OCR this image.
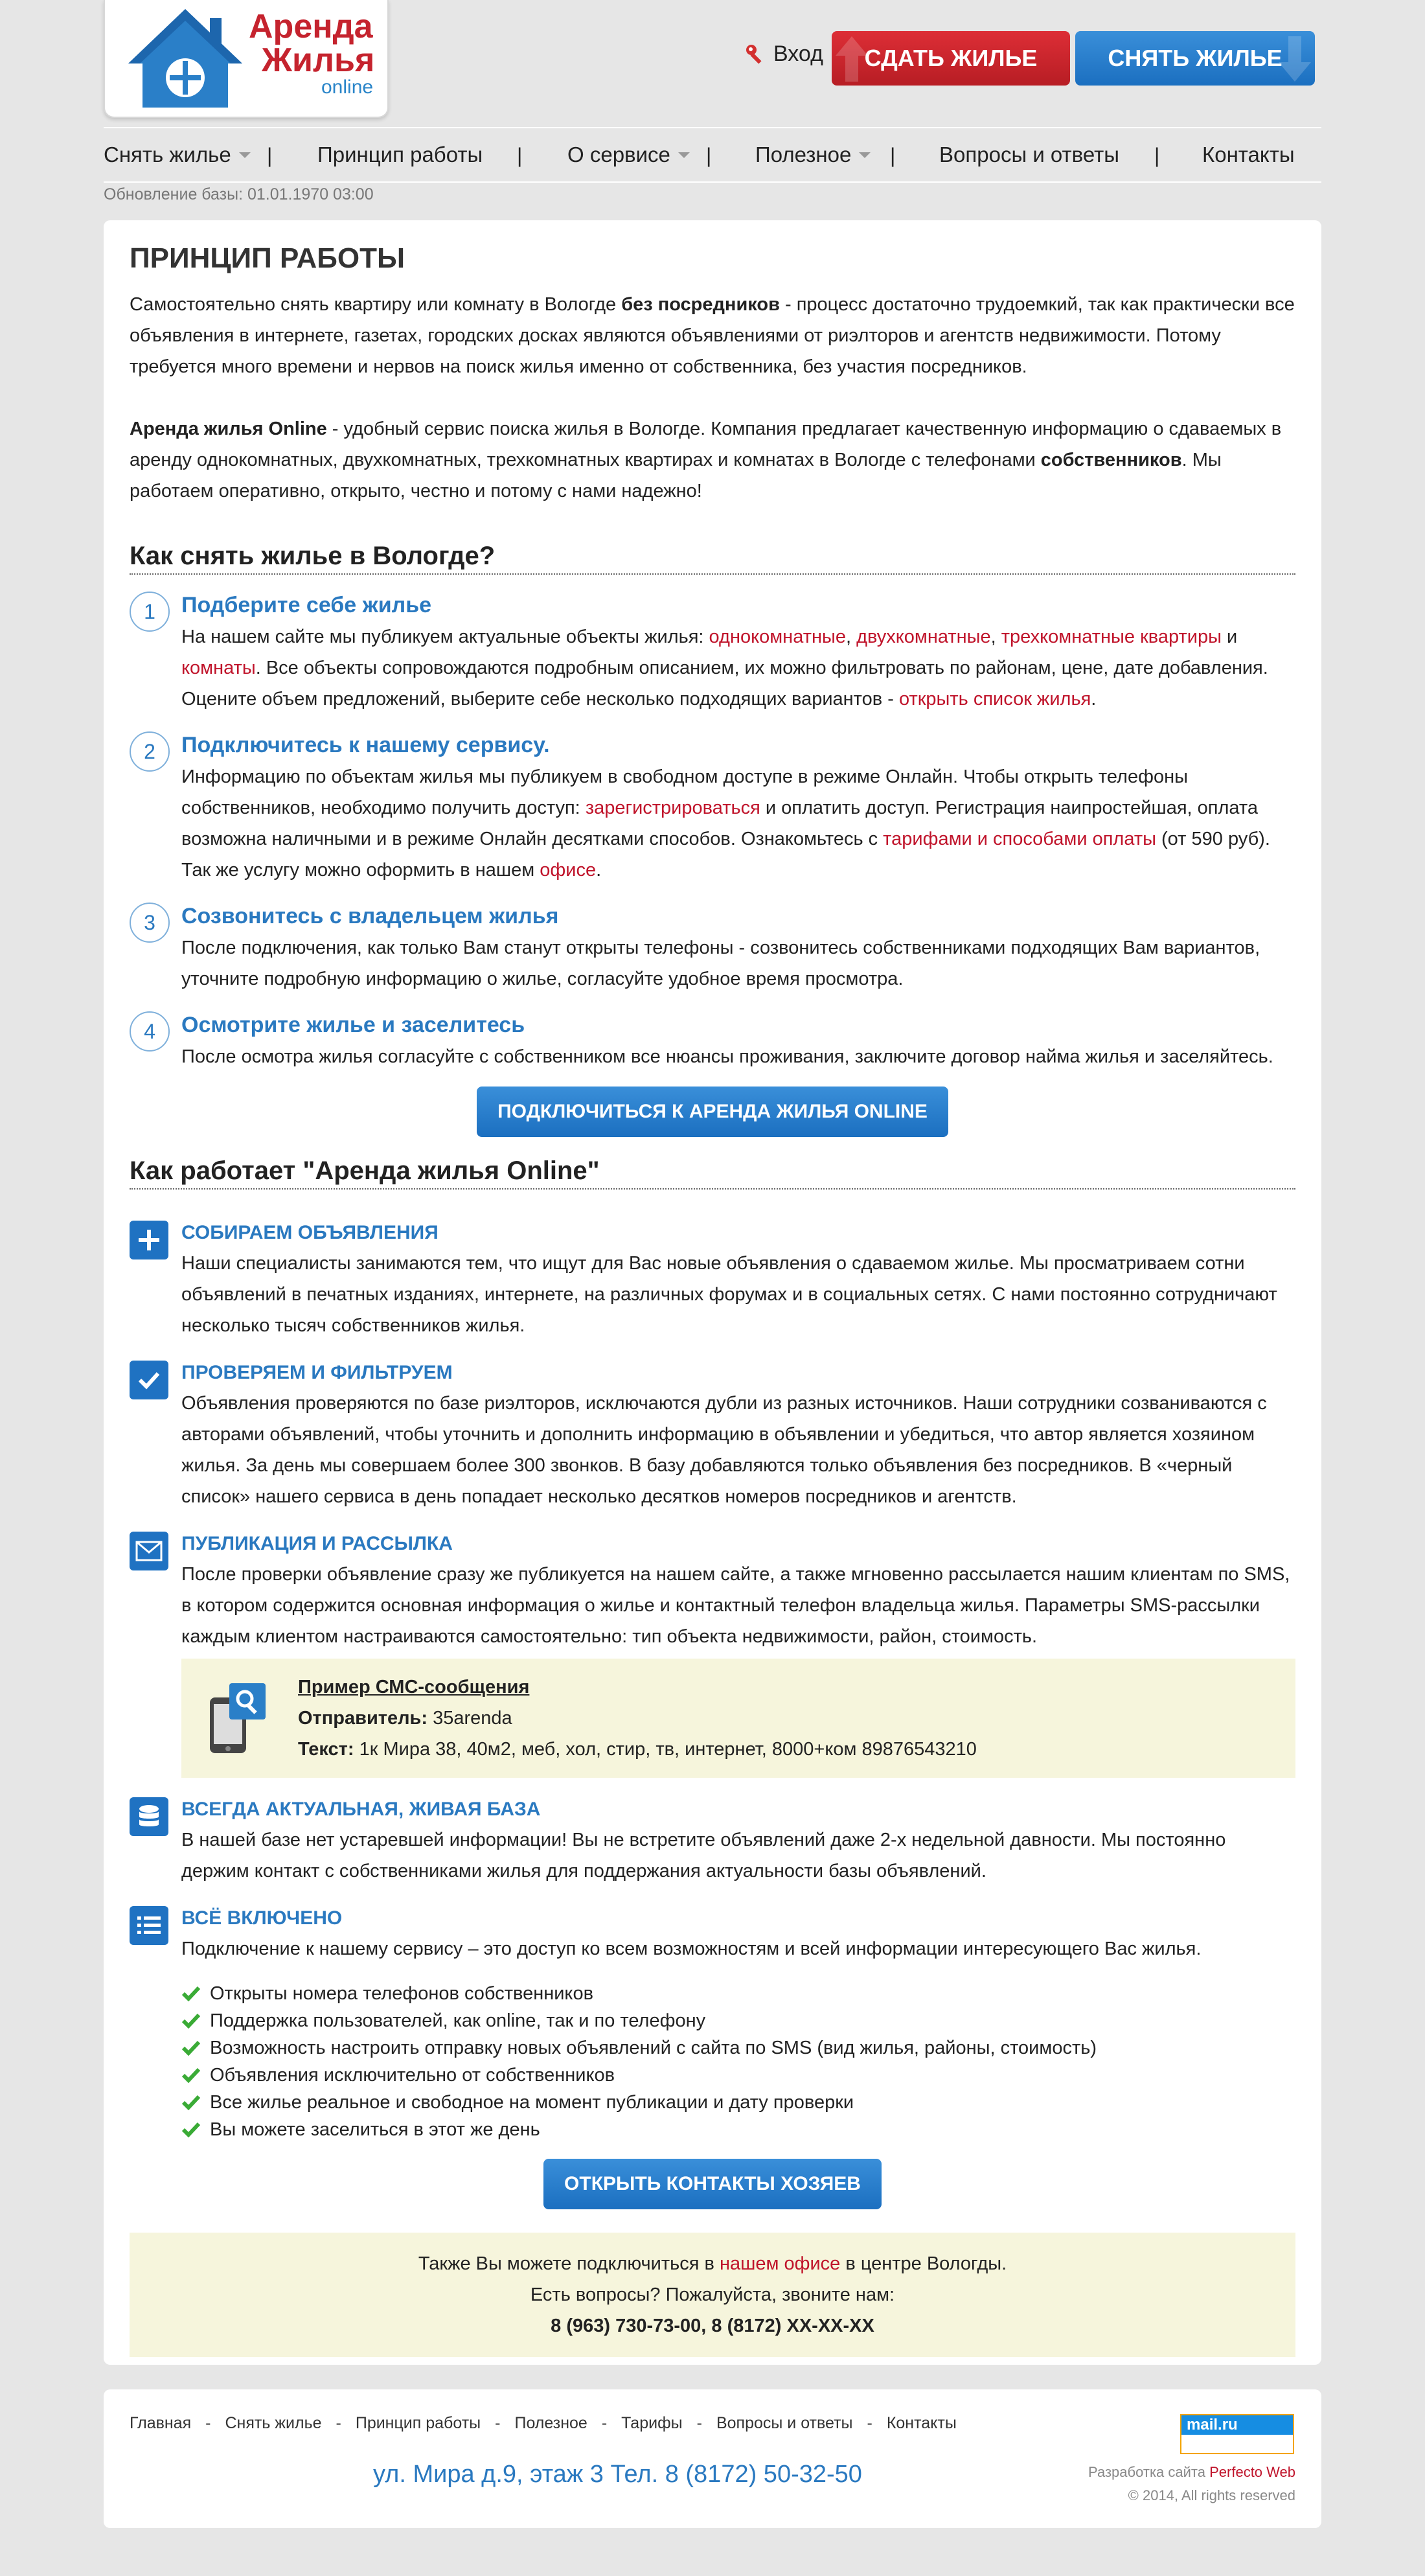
Аренда
Жилья
online
Вход СДАТЬ ЖИЛЬЕ	СНЯТЬ ЖИЛЬЕ
Снять жилье | Принцип работы | О сервисе | Полезное | Вопросы и ответы | Контакты
Обновление базы: 01.01.1970 03:00
ПРИНЦИП РАБОТЫ

Самостоятельно снять квартиру или комнату в Вологде без посредников - процесс достаточно трудоемкий, так как практически все объявления в интернете, газетах, городских досках являются объявлениями от риэлторов и агентств недвижимости. Потому требуется много времени и нервов на поиск жилья именно от собственника, без участия посредников.

Аренда жилья Online - удобный сервис поиска жилья в Вологде. Компания предлагает качественную информацию о сдаваемых в аренду однокомнатных, двухкомнатных, трехкомнатных квартирах и комнатах в Вологде с телефонами собственников. Мы работаем оперативно, открыто, честно и потому с нами надежно!

Как снять жилье в Вологде?
1	Подберите себе жилье
На нашем сайте мы публикуем актуальные объекты жилья: однокомнатные, двухкомнатные, трехкомнатные квартиры и комнаты. Все объекты сопровождаются подробным описанием, их можно фильтровать по районам, цене, дате добавления. Оцените объем предложений, выберите себе несколько подходящих вариантов - открыть список жилья.
2	Подключитесь к нашему сервису.
Информацию по объектам жилья мы публикуем в свободном доступе в режиме Онлайн. Чтобы открыть телефоны собственников, необходимо получить доступ: зарегистрироваться и оплатить доступ. Регистрация наипростейшая, оплата возможна наличными и в режиме Онлайн десятками способов. Ознакомьтесь с тарифами и способами оплаты (от 590 руб). Так же услугу можно оформить в нашем офисе.
3	Созвонитесь с владельцем жилья
После подключения, как только Вам станут открыты телефоны - созвонитесь собственниками подходящих Вам вариантов, уточните подробную информацию о жилье, согласуйте удобное время просмотра.
4	Осмотрите жилье и заселитесь
После осмотра жилья согласуйте с собственником все нюансы проживания, заключите договор найма жилья и заселяйтесь.
ПОДКЛЮЧИТЬСЯ К АРЕНДА ЖИЛЬЯ ONLINE
Как работает "Аренда жилья Online"
СОБИРАЕМ ОБЪЯВЛЕНИЯ
Наши специалисты занимаются тем, что ищут для Вас новые объявления о сдаваемом жилье. Мы просматриваем сотни объявлений в печатных изданиях, интернете, на различных форумах и в социальных сетях. С нами постоянно сотрудничают несколько тысяч собственников жилья.
ПРОВЕРЯЕМ И ФИЛЬТРУЕМ
Объявления проверяются по базе риэлторов, исключаются дубли из разных источников. Наши сотрудники созваниваются с авторами объявлений, чтобы уточнить и дополнить информацию в объявлении и убедиться, что автор является хозяином жилья. За день мы совершаем более 300 звонков. В базу добавляются только объявления без посредников. В «черный список» нашего сервиса в день попадает несколько десятков номеров посредников и агентств.
ПУБЛИКАЦИЯ И РАССЫЛКА
После проверки объявление сразу же публикуется на нашем сайте, а также мгновенно рассылается нашим клиентам по SMS, в котором содержится основная информация о жилье и контактный телефон владельца жилья. Параметры SMS-рассылки каждым клиентом настраиваются самостоятельно: тип объекта недвижимости, район, стоимость.
Пример СМС-сообщения
Отправитель: 35arenda
Текст: 1к Мира 38, 40м2, меб, хол, стир, тв, интернет, 8000+ком 89876543210
ВСЕГДА АКТУАЛЬНАЯ, ЖИВАЯ БАЗА
В нашей базе нет устаревшей информации! Вы не встретите объявлений даже 2-х недельной давности. Мы постоянно держим контакт с собственниками жилья для поддержания актуальности базы объявлений.
ВСЁ ВКЛЮЧЕНО
Подключение к нашему сервису – это доступ ко всем возможностям и всей информации интересующего Вас жилья.
Открыты номера телефонов собственников
Поддержка пользователей, как online, так и по телефону
Возможность настроить отправку новых объявлений с сайта по SMS (вид жилья, районы, стоимость)
Объявления исключительно от собственников
Все жилье реальное и свободное на момент публикации и дату проверки
Вы можете заселиться в этот же день
ОТКРЫТЬ КОНТАКТЫ ХОЗЯЕВ
Также Вы можете подключиться в нашем офисе в центре Вологды.
Есть вопросы? Пожалуйста, звоните нам:
8 (963) 730-73-00, 8 (8172) XX-XX-XX
Главная - Снять жилье - Принцип работы - Полезное - Тарифы - Вопросы и ответы - Контакты
ул. Мира д.9, этаж 3 Тел. 8 (8172) 50-32-50
mail.ru
Разработка сайта Perfecto Web
© 2014, All rights reserved
